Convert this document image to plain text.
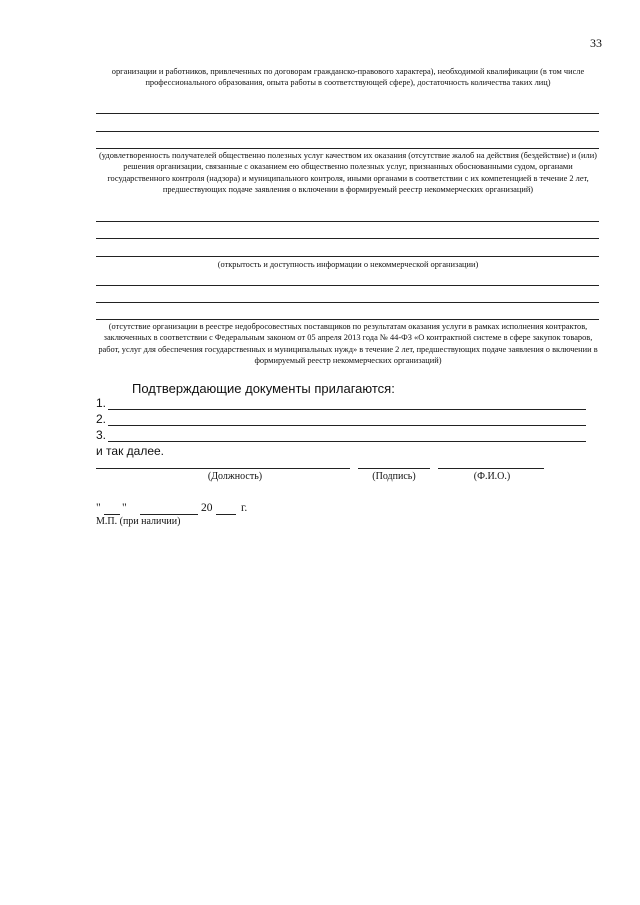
33
организации и работников, привлеченных по договорам гражданско-правового характера), необходимой квалификации (в том числе профессионального образования, опыта работы в соответствующей сфере), достаточность количества таких лиц)
(удовлетворенность получателей общественно полезных услуг качеством их оказания (отсутствие жалоб на действия (бездействие) и (или) решения организации, связанные с оказанием ею общественно полезных услуг, признанных обоснованными судом, органами государственного контроля (надзора) и муниципального контроля, иными органами в соответствии с их компетенцией в течение 2 лет, предшествующих подаче заявления о включении в формируемый реестр некоммерческих организаций)
(открытость и доступность информации о некоммерческой организации)
(отсутствие организации в реестре недобросовестных поставщиков по результатам оказания услуги в рамках исполнения контрактов, заключенных в соответствии с Федеральным законом от 05 апреля 2013 года № 44-ФЗ «О контрактной системе в сфере закупок товаров, работ, услуг для обеспечения государственных и муниципальных нужд» в течение 2 лет, предшествующих подаче заявления о включении в формируемый реестр некоммерческих организаций)
Подтверждающие документы прилагаются:
1.
2.
3.
и так далее.
(Должность)	(Подпись)	(Ф.И.О.)
" "	20 г.
М.П. (при наличии)
